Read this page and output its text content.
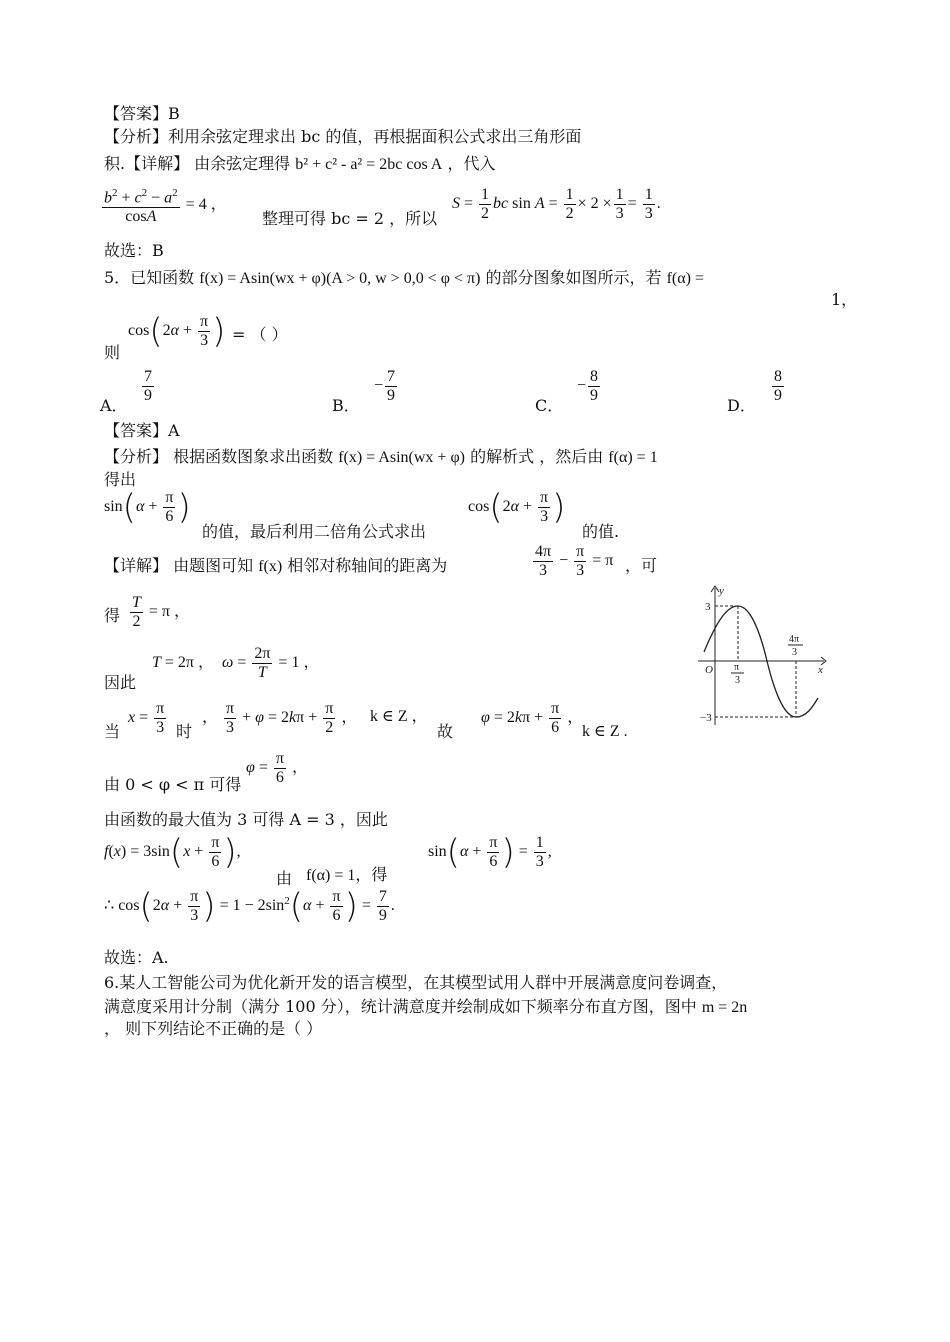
【答案】B
【分析】利用余弦定理求出 bc 的值，再根据面积公式求出三角形面
积.【详解】 由余弦定理得 b² + c² - a² = 2bc cos A ，代入
$\frac{b^2 + c^2 - a^2}{\cos A} = 4$ ，
整理可得 bc = 2 ，所以
$S = \frac{1}{2}$ bc $\sin A = \frac{1}{2} \times 2 \times \frac{1}{3} = \frac{1}{3}$ .
故选：B
5．已知函数 f(x) = Asin(wx + φ)(A > 0, w > 0,0 < φ < π) 的部分图象如图所示，若 f(α) =
1，
$\cos(2\alpha + \frac{\pi}{3}$ ) = （ ）
则
A．
$\frac{7}{9}$
B．
− $\frac{7}{9}$
C．
− $\frac{8}{9}$
D．
$\frac{8}{9}$
【答案】A
【分析】 根据函数图象求出函数 f(x) = Asin(wx + φ) 的解析式 ，然后由 f(α) = 1
得出
$\sin(\alpha + \frac{\pi}{6}$ )
的值，最后利用二倍角公式求出
$\cos(2\alpha + \frac{\pi}{3}$ )
的值.
【详解】 由题图可知 f(x) 相邻对称轴间的距离为	$\frac{4\pi}{3} - \frac{\pi}{3} = \pi$ ，可
得 $\frac{T}{2} = \pi$ ，
因此
T = 2π ，  $\omega = \frac{2\pi}{T} = 1$ ，
当
$x = \frac{\pi}{3}$ 时
， $\frac{\pi}{3} + \varphi = 2k\pi + \frac{\pi}{2}$ ， k ∈ Z ，
故
$\varphi = 2k\pi + \frac{\pi}{6}$ ，
k ∈ Z .
由 0 < φ < π 可得
$\varphi = \frac{\pi}{6}$ ，
由函数的最大值为 3 可得 A = 3 ，因此
$f(x) = 3\sin(x + \frac{\pi}{6}$ ),
由 f(α) = 1，得
$\sin(\alpha + \frac{\pi}{6}$ ) = $\frac{1}{3}$ ,
∴ $\cos(2\alpha + \frac{\pi}{3}$ ) = $1 - 2\sin^2(\alpha + \frac{\pi}{6}$ ) = $\frac{7}{9}$ .
故选：A.
6.某人工智能公司为优化新开发的语言模型，在其模型试用人群中开展满意度问卷调查，
满意度采用计分制（满分 100 分），统计满意度并绘制成如下频率分布直方图，图中 m = 2n
， 则下列结论不正确的是（ ）
y
x
O
3
−3
π
3
4π
3
